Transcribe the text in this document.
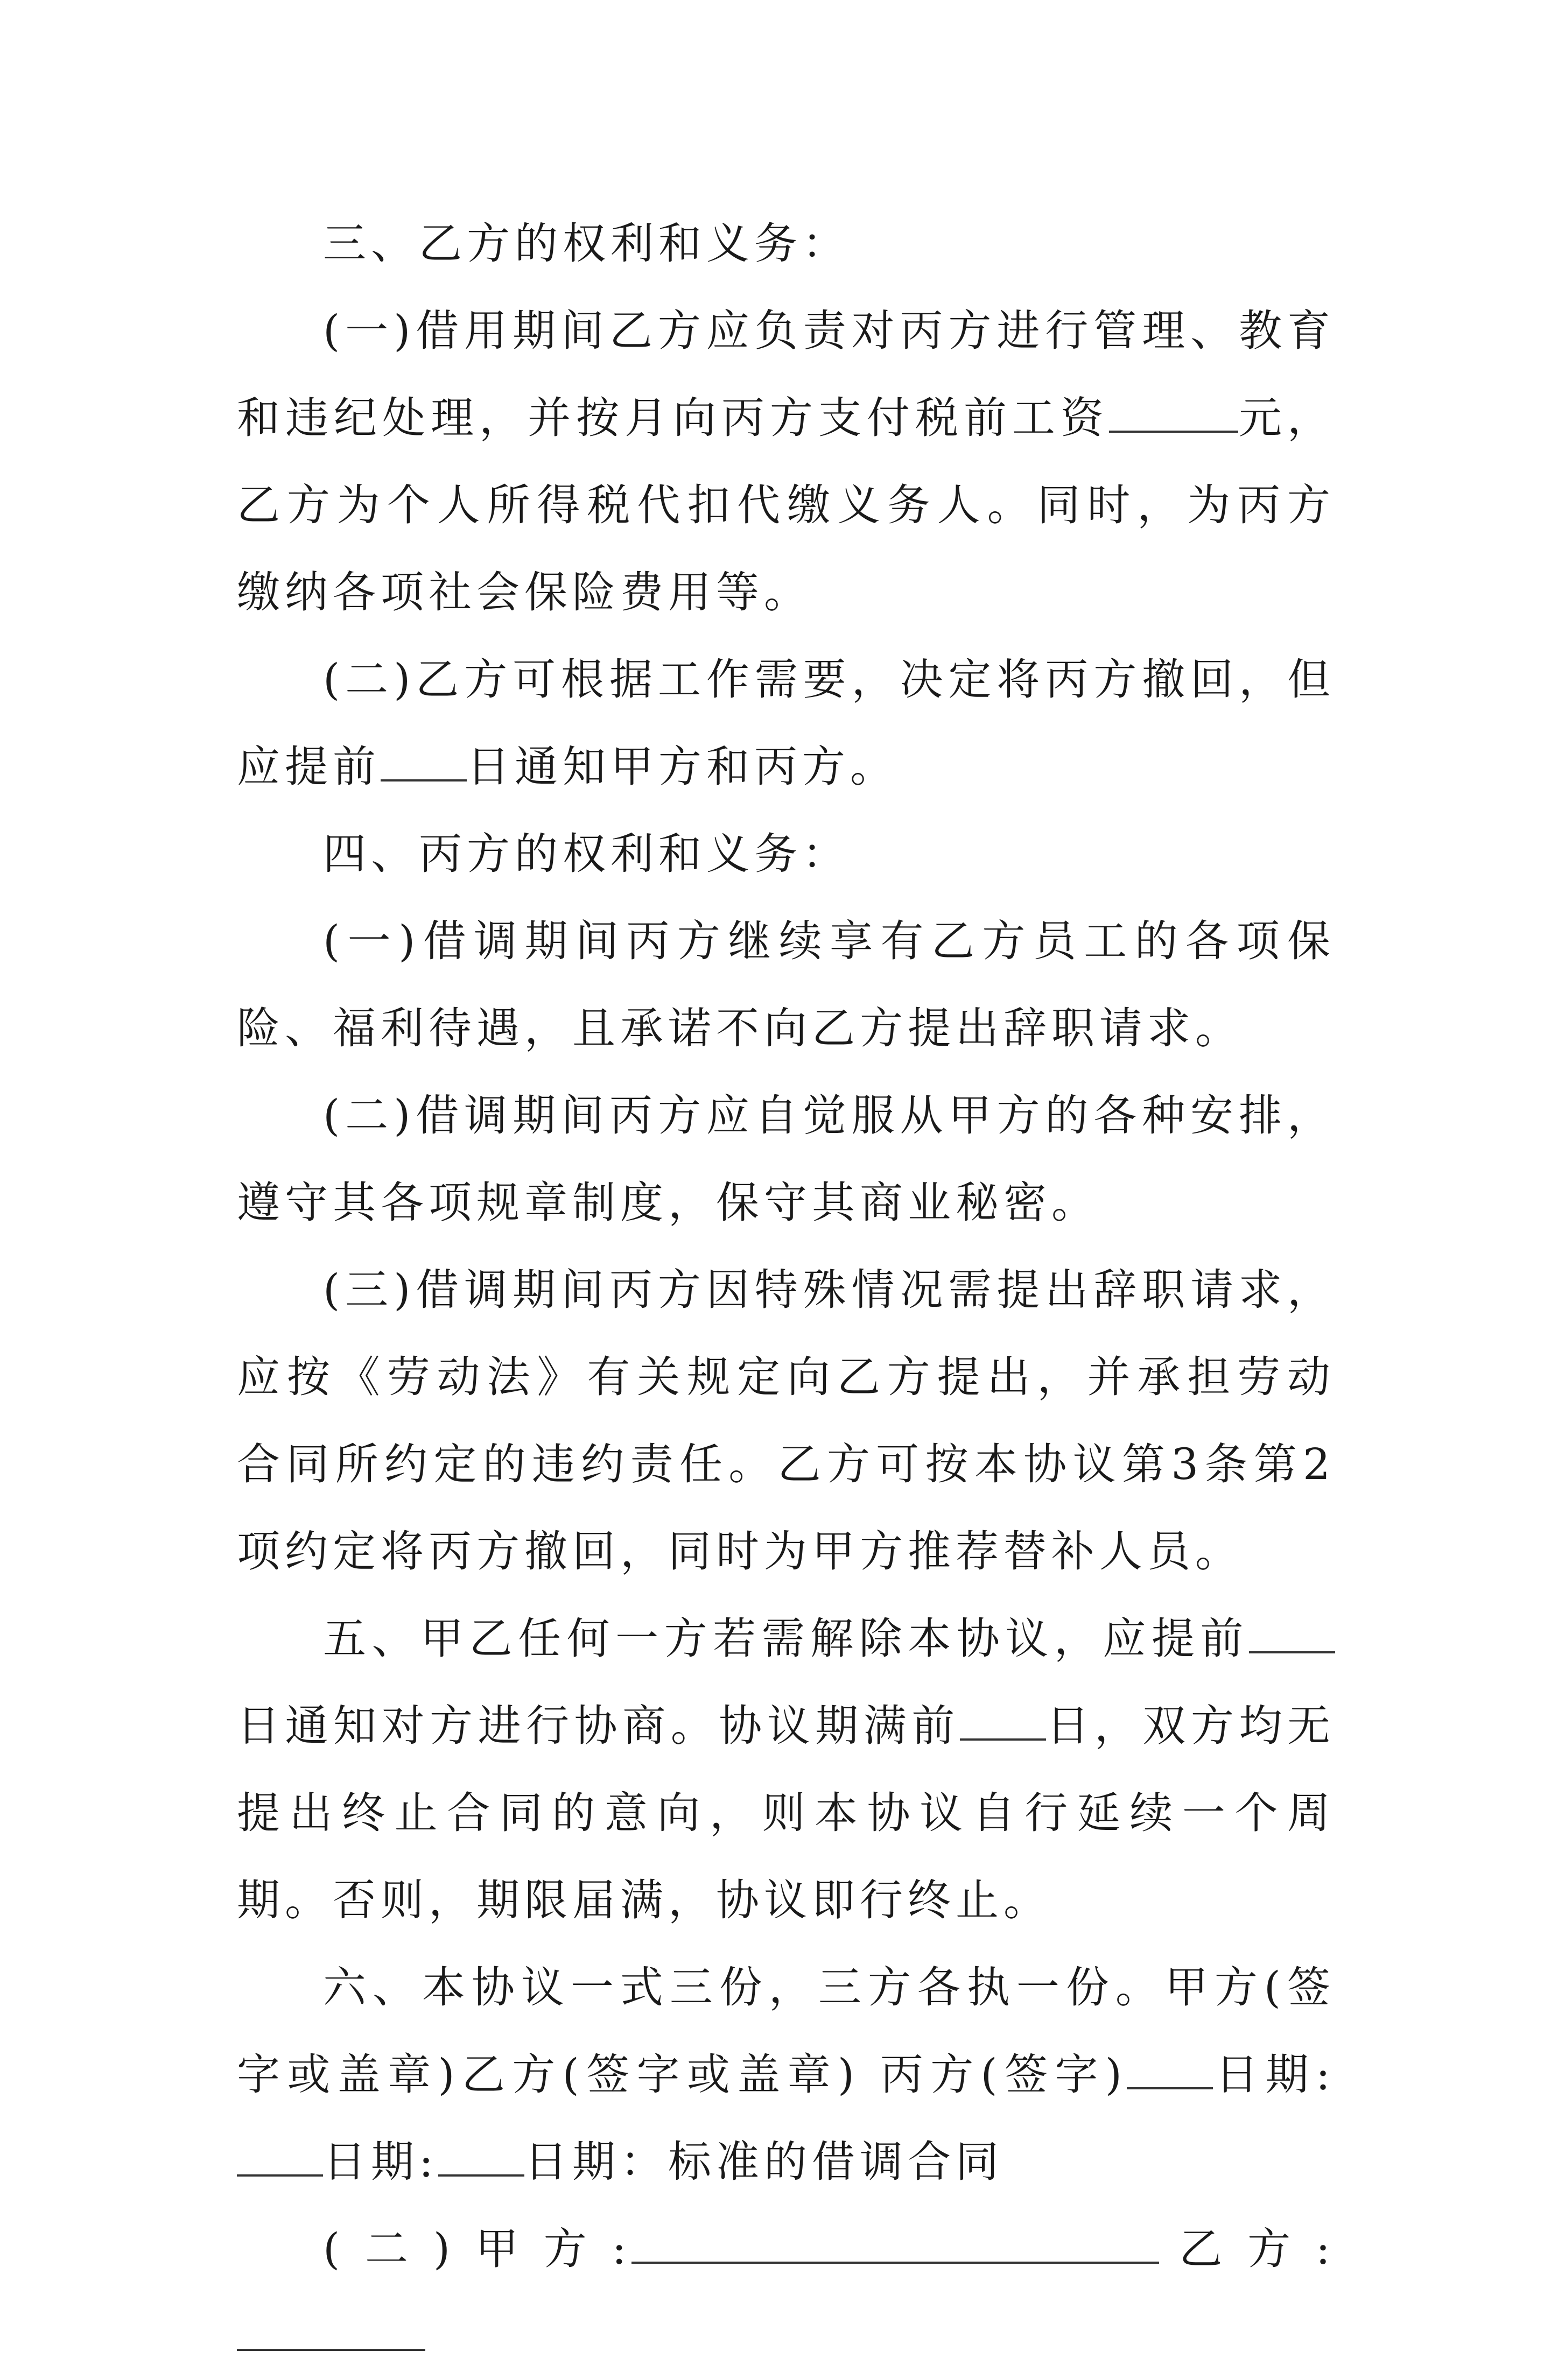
三、乙方的权利和义务：

(一)借用期间乙方应负责对丙方进行管理、教育和违纪处理，并按月向丙方支付税前工资	元，乙方为个人所得税代扣代缴义务人。同时，为丙方缴纳各项社会保险费用等。

(二)乙方可根据工作需要，决定将丙方撤回，但应提前 日通知甲方和丙方。

四、丙方的权利和义务：

(一)借调期间丙方继续享有乙方员工的各项保险、福利待遇，且承诺不向乙方提出辞职请求。

(二)借调期间丙方应自觉服从甲方的各种安排，遵守其各项规章制度，保守其商业秘密。

(三)借调期间丙方因特殊情况需提出辞职请求，应按《劳动法》有关规定向乙方提出，并承担劳动合同所约定的违约责任。乙方可按本协议第3条第2项约定将丙方撤回，同时为甲方推荐替补人员。

五、甲乙任何一方若需解除本协议，应提前日通知对方进行协商。协议期满前 日，双方均无提出终止合同的意向，则本协议自行延续一个周期。否则，期限届满，协议即行终止。

六、本协议一式三份，三方各执一份。甲方(签字或盖章)乙方(签字或盖章) 丙方(签字) 日期:日期: 日期：标准的借调合同

(二)甲方:	乙方:
